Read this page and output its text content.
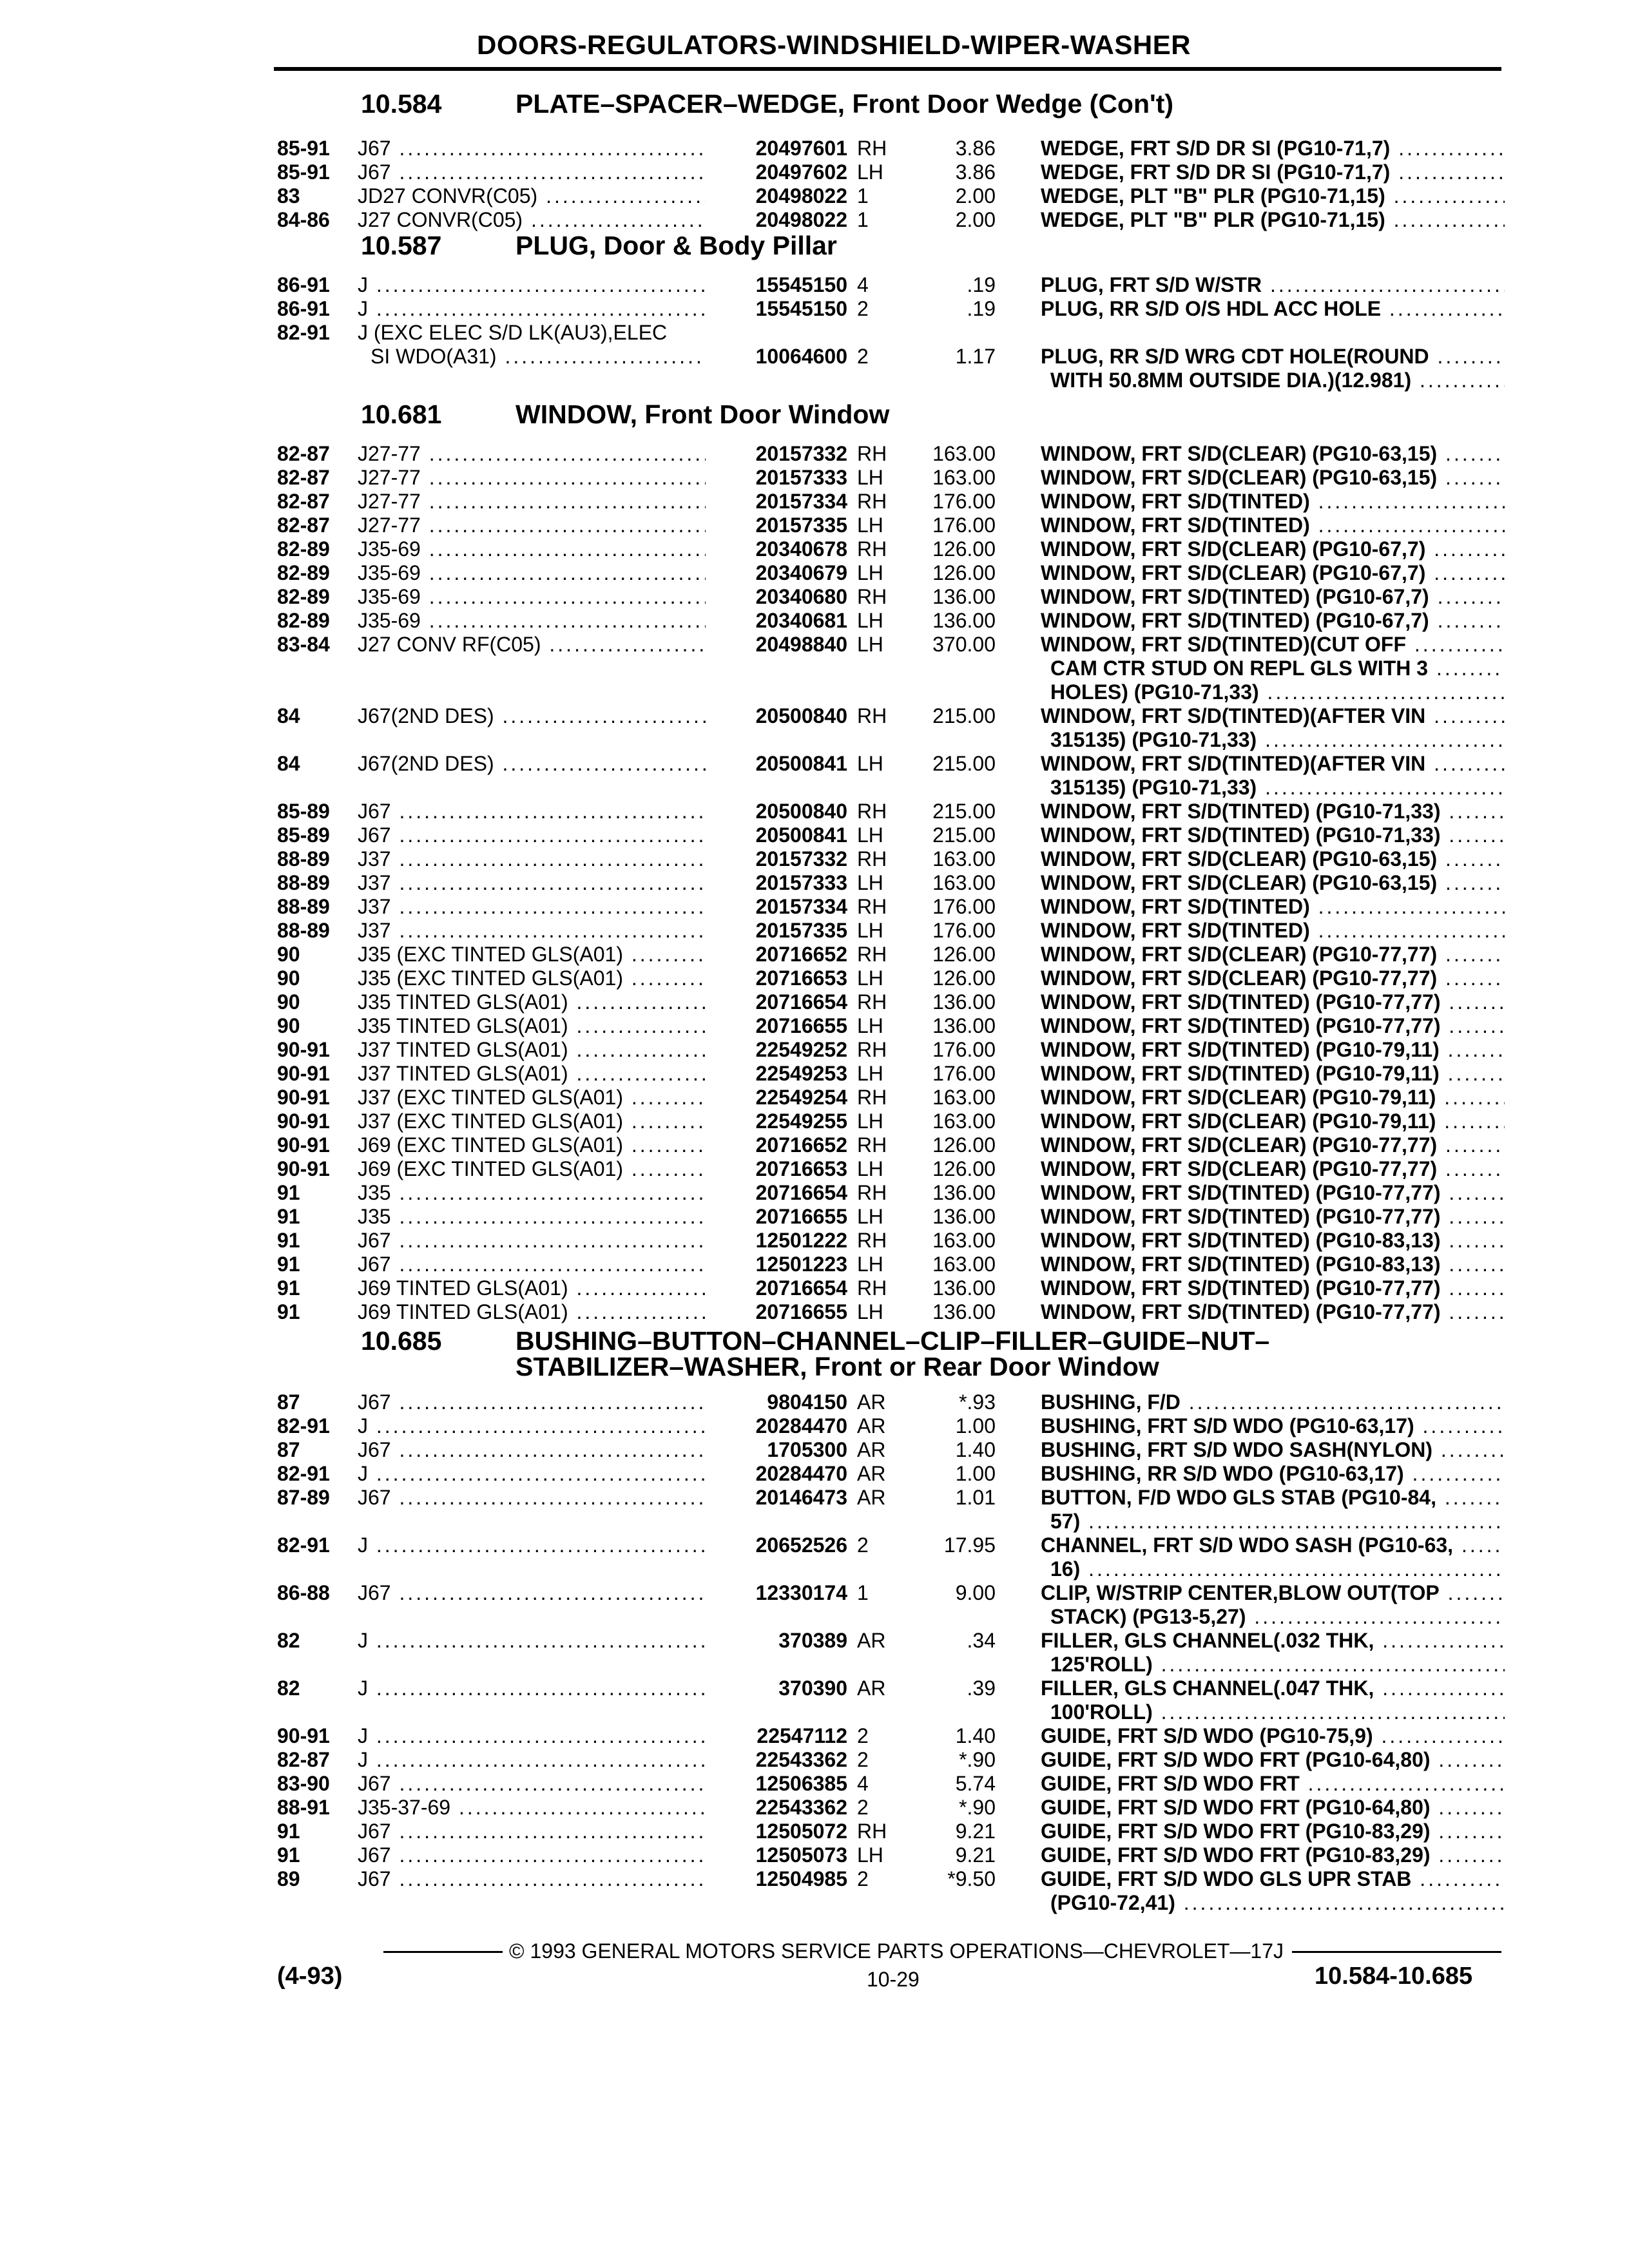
DOORS-REGULATORS-WINDSHIELD-WIPER-WASHER
10.584	PLATE–SPACER–WEDGE, Front Door Wedge (Con't)
85-91 J67 .....	20497601 RH	3.86 WEDGE, FRT S/D DR SI (PG10-71,7) .....
85-91 J67 .....	20497602 LH	3.86 WEDGE, FRT S/D DR SI (PG10-71,7) .....
83	JD27 CONVR(C05) .....	20498022 1	2.00 WEDGE, PLT "B" PLR (PG10-71,15) .....
84-86 J27 CONVR(C05) .....	20498022 1	2.00 WEDGE, PLT "B" PLR (PG10-71,15) .....
10.587	PLUG, Door & Body Pillar
86-91 J .....	15545150 4	.19 PLUG, FRT S/D W/STR .....
86-91 J .....	15545150 2	.19 PLUG, RR S/D O/S HDL ACC HOLE .....
82-91 J (EXC ELEC S/D LK(AU3),ELEC
SI WDO(A31) .....	10064600 2	1.17 PLUG, RR S/D WRG CDT HOLE(ROUND .....
WITH 50.8MM OUTSIDE DIA.)(12.981) .....
10.681	WINDOW, Front Door Window
82-87 J27-77 .....	20157332 RH	163.00 WINDOW, FRT S/D(CLEAR) (PG10-63,15) .....
82-87 J27-77 .....	20157333 LH	163.00 WINDOW, FRT S/D(CLEAR) (PG10-63,15) .....
82-87 J27-77 .....	20157334 RH	176.00 WINDOW, FRT S/D(TINTED) .....
82-87 J27-77 .....	20157335 LH	176.00 WINDOW, FRT S/D(TINTED) .....
82-89 J35-69 .....	20340678 RH	126.00 WINDOW, FRT S/D(CLEAR) (PG10-67,7) .....
82-89 J35-69 .....	20340679 LH	126.00 WINDOW, FRT S/D(CLEAR) (PG10-67,7) .....
82-89 J35-69 .....	20340680 RH	136.00 WINDOW, FRT S/D(TINTED) (PG10-67,7) .....
82-89 J35-69 .....	20340681 LH	136.00 WINDOW, FRT S/D(TINTED) (PG10-67,7) .....
83-84 J27 CONV RF(C05) .....	20498840 LH	370.00 WINDOW, FRT S/D(TINTED)(CUT OFF .....
CAM CTR STUD ON REPL GLS WITH 3 .....
HOLES) (PG10-71,33) .....
84	J67(2ND DES) .....	20500840 RH	215.00 WINDOW, FRT S/D(TINTED)(AFTER VIN .....
315135) (PG10-71,33) .....
84	J67(2ND DES) .....	20500841 LH	215.00 WINDOW, FRT S/D(TINTED)(AFTER VIN .....
315135) (PG10-71,33) .....
85-89 J67 .....	20500840 RH	215.00 WINDOW, FRT S/D(TINTED) (PG10-71,33) .....
85-89 J67 .....	20500841 LH	215.00 WINDOW, FRT S/D(TINTED) (PG10-71,33) .....
88-89 J37 .....	20157332 RH	163.00 WINDOW, FRT S/D(CLEAR) (PG10-63,15) .....
88-89 J37 .....	20157333 LH	163.00 WINDOW, FRT S/D(CLEAR) (PG10-63,15) .....
88-89 J37 .....	20157334 RH	176.00 WINDOW, FRT S/D(TINTED) .....
88-89 J37 .....	20157335 LH	176.00 WINDOW, FRT S/D(TINTED) .....
90	J35 (EXC TINTED GLS(A01) .....	20716652 RH	126.00 WINDOW, FRT S/D(CLEAR) (PG10-77,77) .....
90	J35 (EXC TINTED GLS(A01) .....	20716653 LH	126.00 WINDOW, FRT S/D(CLEAR) (PG10-77,77) .....
90	J35 TINTED GLS(A01) .....	20716654 RH	136.00 WINDOW, FRT S/D(TINTED) (PG10-77,77) .....
90	J35 TINTED GLS(A01) .....	20716655 LH	136.00 WINDOW, FRT S/D(TINTED) (PG10-77,77) .....
90-91 J37 TINTED GLS(A01) .....	22549252 RH	176.00 WINDOW, FRT S/D(TINTED) (PG10-79,11) .....
90-91 J37 TINTED GLS(A01) .....	22549253 LH	176.00 WINDOW, FRT S/D(TINTED) (PG10-79,11) .....
90-91 J37 (EXC TINTED GLS(A01) .....	22549254 RH	163.00 WINDOW, FRT S/D(CLEAR) (PG10-79,11) .....
90-91 J37 (EXC TINTED GLS(A01) .....	22549255 LH	163.00 WINDOW, FRT S/D(CLEAR) (PG10-79,11) .....
90-91 J69 (EXC TINTED GLS(A01) .....	20716652 RH	126.00 WINDOW, FRT S/D(CLEAR) (PG10-77,77) .....
90-91 J69 (EXC TINTED GLS(A01) .....	20716653 LH	126.00 WINDOW, FRT S/D(CLEAR) (PG10-77,77) .....
91	J35 .....	20716654 RH	136.00 WINDOW, FRT S/D(TINTED) (PG10-77,77) .....
91	J35 .....	20716655 LH	136.00 WINDOW, FRT S/D(TINTED) (PG10-77,77) .....
91	J67 .....	12501222 RH	163.00 WINDOW, FRT S/D(TINTED) (PG10-83,13) .....
91	J67 .....	12501223 LH	163.00 WINDOW, FRT S/D(TINTED) (PG10-83,13) .....
91	J69 TINTED GLS(A01) .....	20716654 RH	136.00 WINDOW, FRT S/D(TINTED) (PG10-77,77) .....
91	J69 TINTED GLS(A01) .....	20716655 LH	136.00 WINDOW, FRT S/D(TINTED) (PG10-77,77) .....
10.685	BUSHING–BUTTON–CHANNEL–CLIP–FILLER–GUIDE–NUT–
STABILIZER–WASHER, Front or Rear Door Window
87	J67 .....	9804150 AR	*.93 BUSHING, F/D .....
82-91 J .....	20284470 AR	1.00 BUSHING, FRT S/D WDO (PG10-63,17) .....
87	J67 .....	1705300 AR	1.40 BUSHING, FRT S/D WDO SASH(NYLON) .....
82-91 J .....	20284470 AR	1.00 BUSHING, RR S/D WDO (PG10-63,17) .....
87-89 J67 .....	20146473 AR	1.01 BUTTON, F/D WDO GLS STAB (PG10-84, .....
57) .....
82-91 J .....	20652526 2	17.95 CHANNEL, FRT S/D WDO SASH (PG10-63, .....
16) .....
86-88 J67 .....	12330174 1	9.00 CLIP, W/STRIP CENTER,BLOW OUT(TOP .....
STACK) (PG13-5,27) .....
82	J .....	370389 AR	.34 FILLER, GLS CHANNEL(.032 THK, .....
125'ROLL) .....
82	J .....	370390 AR	.39 FILLER, GLS CHANNEL(.047 THK, .....
100'ROLL) .....
90-91 J .....	22547112 2	1.40 GUIDE, FRT S/D WDO (PG10-75,9) .....
82-87 J .....	22543362 2	*.90 GUIDE, FRT S/D WDO FRT (PG10-64,80) .....
83-90 J67 .....	12506385 4	5.74 GUIDE, FRT S/D WDO FRT .....
88-91 J35-37-69 .....	22543362 2	*.90 GUIDE, FRT S/D WDO FRT (PG10-64,80) .....
91	J67 .....	12505072 RH	9.21 GUIDE, FRT S/D WDO FRT (PG10-83,29) .....
91	J67 .....	12505073 LH	9.21 GUIDE, FRT S/D WDO FRT (PG10-83,29) .....
89	J67 .....	12504985 2	*9.50 GUIDE, FRT S/D WDO GLS UPR STAB .....
(PG10-72,41) .....
© 1993 GENERAL MOTORS SERVICE PARTS OPERATIONS—CHEVROLET—17J
(4-93)	10-29	10.584-10.685
